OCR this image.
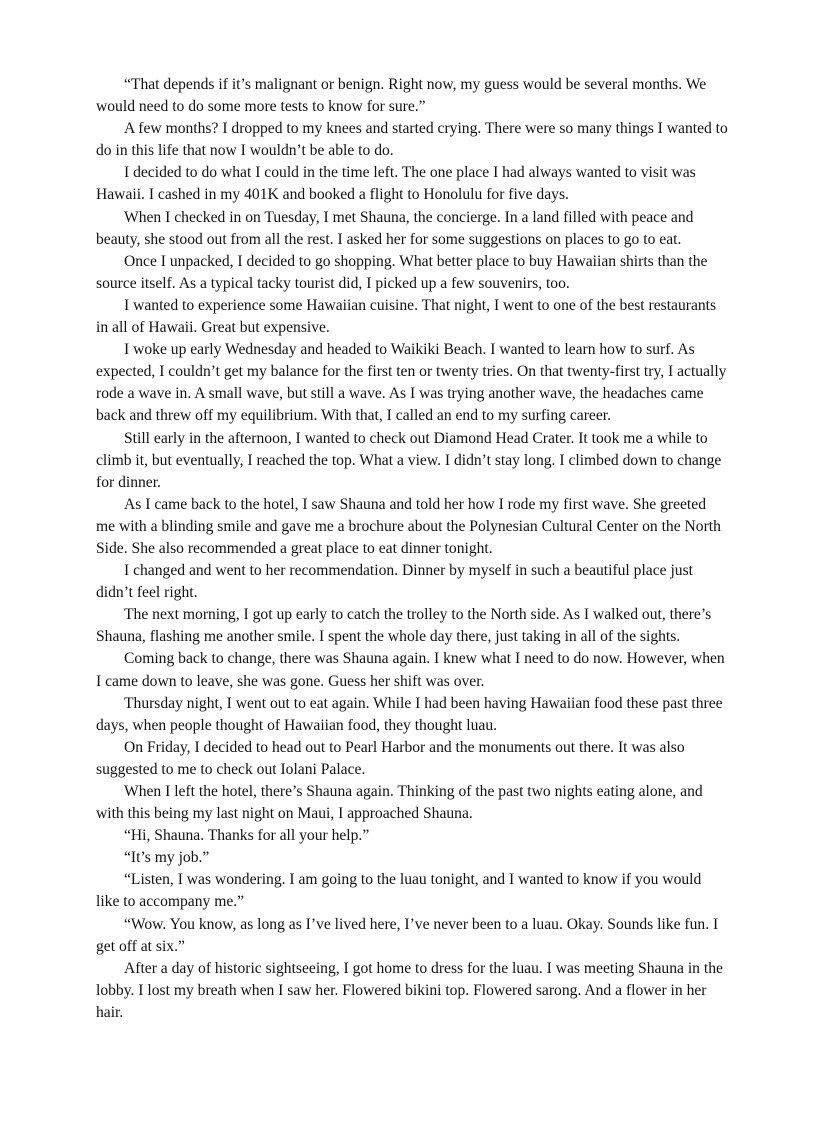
“That depends if it’s malignant or benign. Right now, my guess would be several months. We would need to do some more tests to know for sure.”

A few months? I dropped to my knees and started crying. There were so many things I wanted to do in this life that now I wouldn’t be able to do.

I decided to do what I could in the time left. The one place I had always wanted to visit was Hawaii. I cashed in my 401K and booked a flight to Honolulu for five days.

When I checked in on Tuesday, I met Shauna, the concierge. In a land filled with peace and beauty, she stood out from all the rest. I asked her for some suggestions on places to go to eat.

Once I unpacked, I decided to go shopping. What better place to buy Hawaiian shirts than the source itself. As a typical tacky tourist did, I picked up a few souvenirs, too.

I wanted to experience some Hawaiian cuisine. That night, I went to one of the best restaurants in all of Hawaii. Great but expensive.

I woke up early Wednesday and headed to Waikiki Beach. I wanted to learn how to surf. As expected, I couldn’t get my balance for the first ten or twenty tries. On that twenty-first try, I actually rode a wave in. A small wave, but still a wave. As I was trying another wave, the headaches came back and threw off my equilibrium. With that, I called an end to my surfing career.

Still early in the afternoon, I wanted to check out Diamond Head Crater. It took me a while to climb it, but eventually, I reached the top. What a view. I didn’t stay long. I climbed down to change for dinner.

As I came back to the hotel, I saw Shauna and told her how I rode my first wave. She greeted me with a blinding smile and gave me a brochure about the Polynesian Cultural Center on the North Side. She also recommended a great place to eat dinner tonight.

I changed and went to her recommendation. Dinner by myself in such a beautiful place just didn’t feel right.

The next morning, I got up early to catch the trolley to the North side. As I walked out, there’s Shauna, flashing me another smile. I spent the whole day there, just taking in all of the sights.

Coming back to change, there was Shauna again. I knew what I need to do now. However, when I came down to leave, she was gone. Guess her shift was over.

Thursday night, I went out to eat again. While I had been having Hawaiian food these past three days, when people thought of Hawaiian food, they thought luau.

On Friday, I decided to head out to Pearl Harbor and the monuments out there. It was also suggested to me to check out Iolani Palace.

When I left the hotel, there’s Shauna again. Thinking of the past two nights eating alone, and with this being my last night on Maui, I approached Shauna.

“Hi, Shauna. Thanks for all your help.”

“It’s my job.”

“Listen, I was wondering. I am going to the luau tonight, and I wanted to know if you would like to accompany me.”

“Wow. You know, as long as I’ve lived here, I’ve never been to a luau. Okay. Sounds like fun. I get off at six.”

After a day of historic sightseeing, I got home to dress for the luau. I was meeting Shauna in the lobby. I lost my breath when I saw her. Flowered bikini top. Flowered sarong. And a flower in her hair.
